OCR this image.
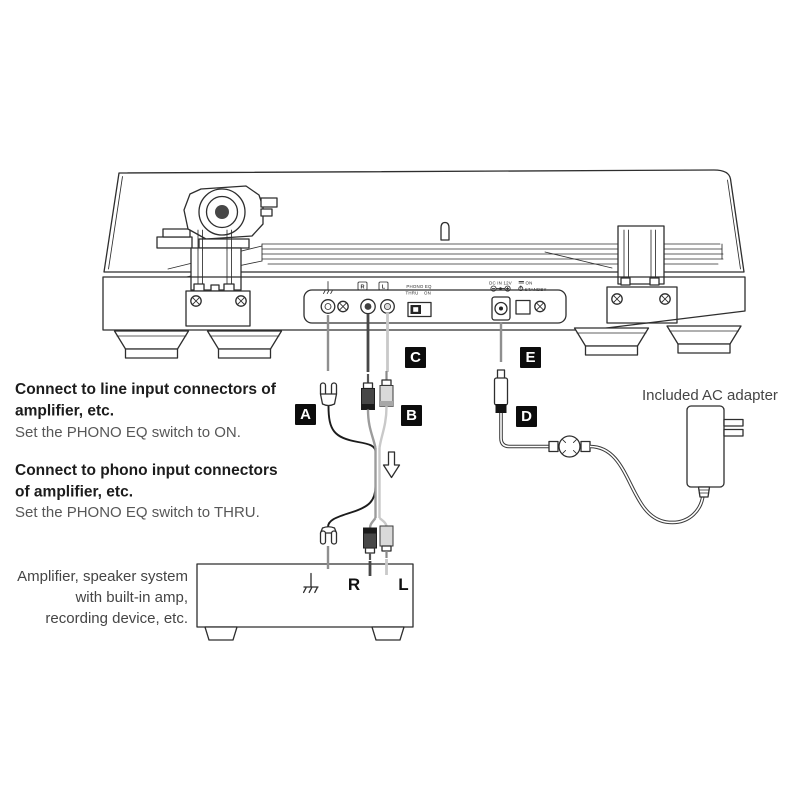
R	L	PHONO EQ
THRU ON
DC IN 12V	ON
STANDBY
R L
Connect to line input connectors of
amplifier, etc.
Set the PHONO EQ switch to ON.
Connect to phono input connectors
of amplifier, etc.
Set the PHONO EQ switch to THRU.
Included AC adapter
Amplifier, speaker system
with built-in amp,
recording device, etc.
A	B
C
D
E
